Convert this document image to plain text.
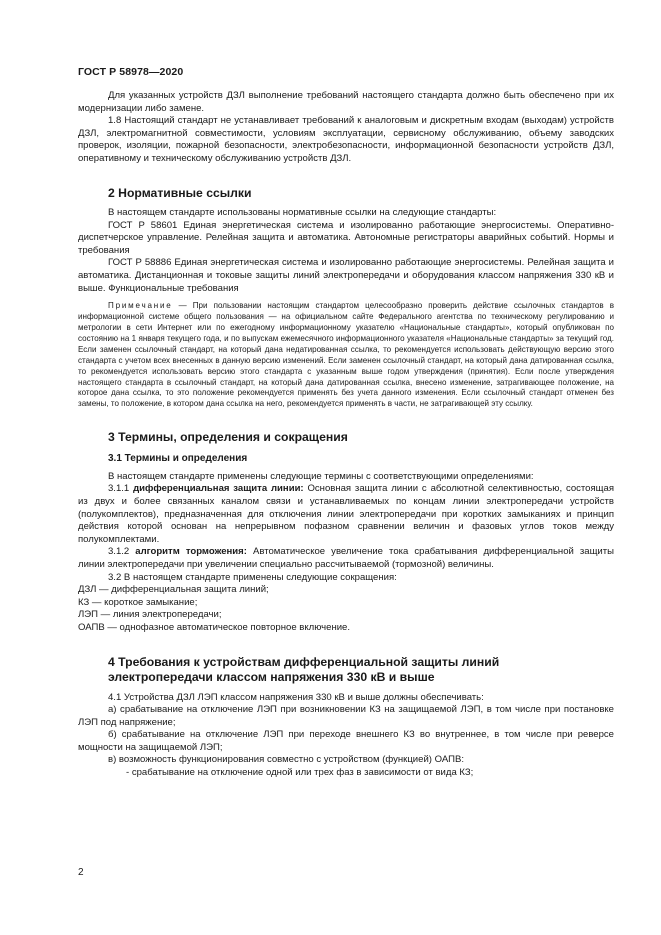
ГОСТ Р 58978—2020

Для указанных устройств ДЗЛ выполнение требований настоящего стандарта должно быть обеспечено при их модернизации либо замене.

1.8 Настоящий стандарт не устанавливает требований к аналоговым и дискретным входам (выходам) устройств ДЗЛ, электромагнитной совместимости, условиям эксплуатации, сервисному обслуживанию, объему заводских проверок, изоляции, пожарной безопасности, электробезопасности, информационной безопасности устройств ДЗЛ, оперативному и техническому обслуживанию устройств ДЗЛ.

2 Нормативные ссылки

В настоящем стандарте использованы нормативные ссылки на следующие стандарты:

ГОСТ Р 58601 Единая энергетическая система и изолированно работающие энергосистемы. Оперативно-диспетчерское управление. Релейная защита и автоматика. Автономные регистраторы аварийных событий. Нормы и требования

ГОСТ Р 58886 Единая энергетическая система и изолированно работающие энергосистемы. Релейная защита и автоматика. Дистанционная и токовые защиты линий электропередачи и оборудования классом напряжения 330 кВ и выше. Функциональные требования

Примечание — При пользовании настоящим стандартом целесообразно проверить действие ссылочных стандартов в информационной системе общего пользования — на официальном сайте Федерального агентства по техническому регулированию и метрологии в сети Интернет или по ежегодному информационному указателю «Национальные стандарты», который опубликован по состоянию на 1 января текущего года, и по выпускам ежемесячного информационного указателя «Национальные стандарты» за текущий год. Если заменен ссылочный стандарт, на который дана недатированная ссылка, то рекомендуется использовать действующую версию этого стандарта с учетом всех внесенных в данную версию изменений. Если заменен ссылочный стандарт, на который дана датированная ссылка, то рекомендуется использовать версию этого стандарта с указанным выше годом утверждения (принятия). Если после утверждения настоящего стандарта в ссылочный стандарт, на который дана датированная ссылка, внесено изменение, затрагивающее положение, на которое дана ссылка, то это положение рекомендуется применять без учета данного изменения. Если ссылочный стандарт отменен без замены, то положение, в котором дана ссылка на него, рекомендуется применять в части, не затрагивающей эту ссылку.

3 Термины, определения и сокращения
3.1 Термины и определения

В настоящем стандарте применены следующие термины с соответствующими определениями:

3.1.1 дифференциальная защита линии: Основная защита линии с абсолютной селективностью, состоящая из двух и более связанных каналом связи и устанавливаемых по концам линии электропередачи устройств (полукомплектов), предназначенная для отключения линии электропередачи при коротких замыканиях и принцип действия которой основан на непрерывном пофазном сравнении величин и фазовых углов токов между полукомплектами.

3.1.2 алгоритм торможения: Автоматическое увеличение тока срабатывания дифференциальной защиты линии электропередачи при увеличении специально рассчитываемой (тормозной) величины.

3.2 В настоящем стандарте применены следующие сокращения:

ДЗЛ — дифференциальная защита линий;

КЗ — короткое замыкание;

ЛЭП — линия электропередачи;

ОАПВ — однофазное автоматическое повторное включение.

4 Требования к устройствам дифференциальной защиты линий
электропередачи классом напряжения 330 кВ и выше

4.1 Устройства ДЗЛ ЛЭП классом напряжения 330 кВ и выше должны обеспечивать:

а) срабатывание на отключение ЛЭП при возникновении КЗ на защищаемой ЛЭП, в том числе при постановке ЛЭП под напряжение;

б) срабатывание на отключение ЛЭП при переходе внешнего КЗ во внутреннее, в том числе при реверсе мощности на защищаемой ЛЭП;

в) возможность функционирования совместно с устройством (функцией) ОАПВ:

- срабатывание на отключение одной или трех фаз в зависимости от вида КЗ;

2
